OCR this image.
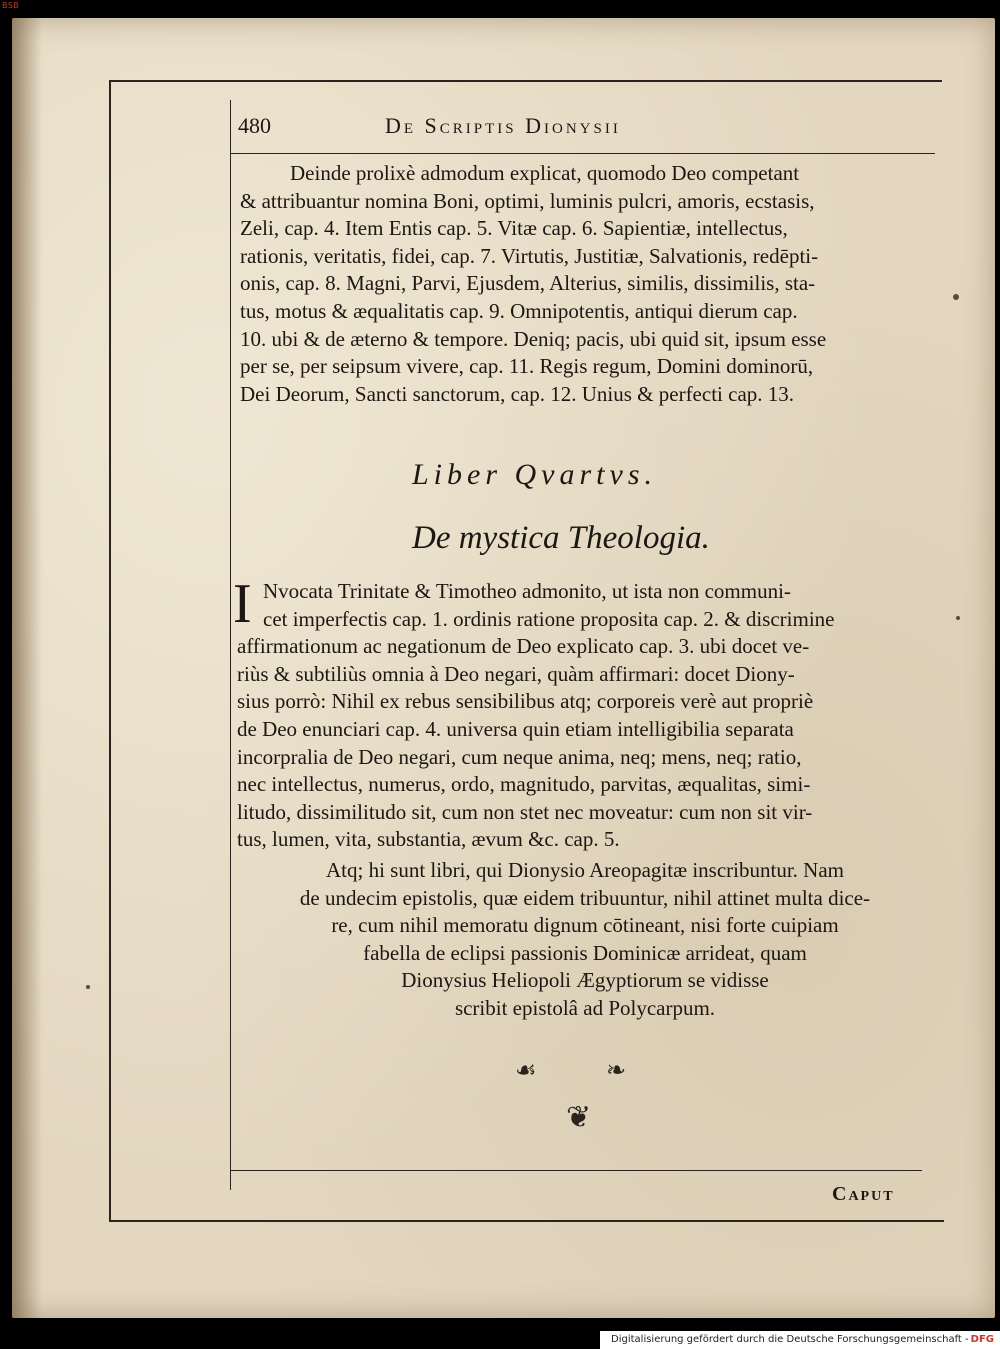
BSB
480	De Scriptis Dionysii
Deinde prolixè admodum explicat, quomodo Deo competant
& attribuantur nomina Boni, optimi, luminis pulcri, amoris, ecstasis,
Zeli, cap. 4. Item Entis cap. 5. Vitæ cap. 6. Sapientiæ, intellectus,
rationis, veritatis, fidei, cap. 7. Virtutis, Justitiæ, Salvationis, redēpti-
onis, cap. 8. Magni, Parvi, Ejusdem, Alterius, similis, dissimilis, sta-
tus, motus & æqualitatis cap. 9. Omnipotentis, antiqui dierum cap.
10. ubi & de æterno & tempore. Deniq; pacis, ubi quid sit, ipsum esse
per se, per seipsum vivere, cap. 11. Regis regum, Domini dominorū,
Dei Deorum, Sancti sanctorum, cap. 12. Unius & perfecti cap. 13.
Liber Qvartvs.
De mystica Theologia.
I Nvocata Trinitate & Timotheo admonito, ut ista non communi-
cet imperfectis cap. 1. ordinis ratione proposita cap. 2. & discrimine
affirmationum ac negationum de Deo explicato cap. 3. ubi docet ve-
riùs & subtiliùs omnia à Deo negari, quàm affirmari: docet Diony-
sius porrò: Nihil ex rebus sensibilibus atq; corporeis verè aut propriè
de Deo enunciari cap. 4. universa quin etiam intelligibilia separata
incorpralia de Deo negari, cum neque anima, neq; mens, neq; ratio,
nec intellectus, numerus, ordo, magnitudo, parvitas, æqualitas, simi-
litudo, dissimilitudo sit, cum non stet nec moveatur: cum non sit vir-
tus, lumen, vita, substantia, ævum &c. cap. 5.
Atq; hi sunt libri, qui Dionysio Areopagitæ inscribuntur. Nam
de undecim epistolis, quæ eidem tribuuntur, nihil attinet multa dice-
re, cum nihil memoratu dignum cōtineant, nisi forte cuipiam
fabella de eclipsi passionis Dominicæ arrideat, quam
Dionysius Heliopoli Ægyptiorum se vidisse
scribit epistolâ ad Polycarpum.
☙	❧
❦
Caput
Digitalisierung gefördert durch die Deutsche Forschungsgemeinschaft - DFG
